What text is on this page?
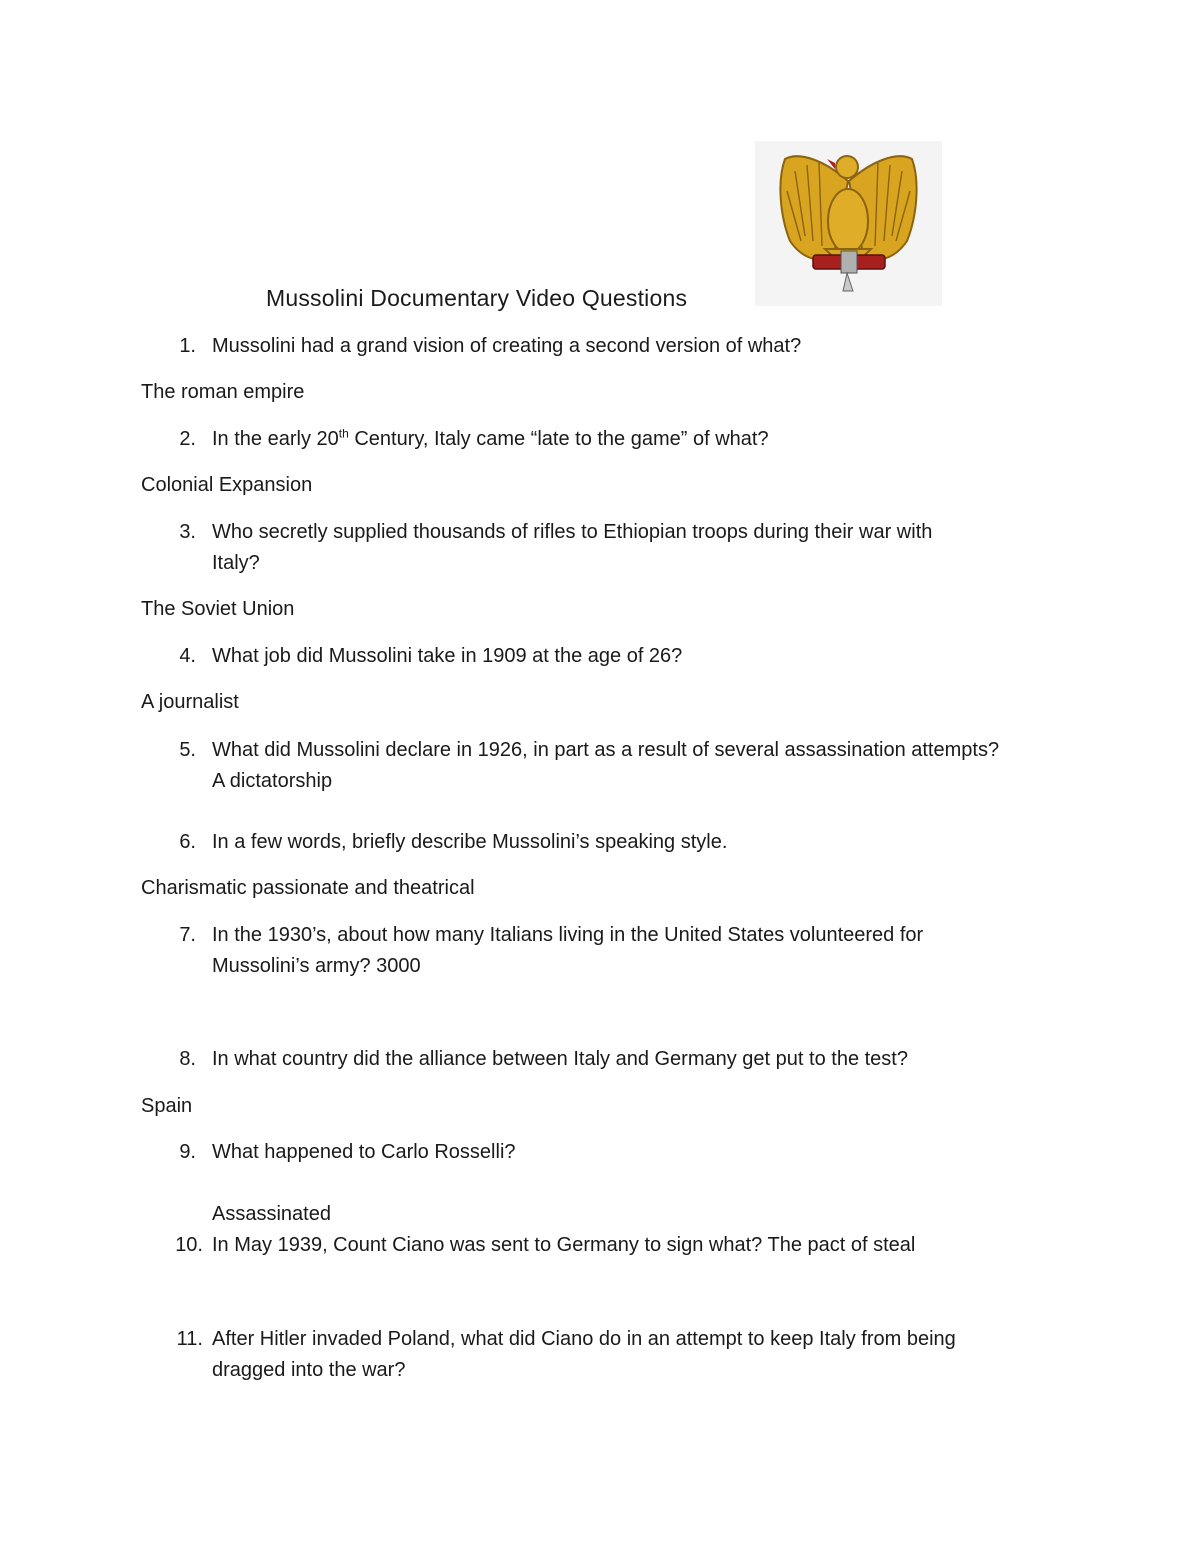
Mussolini Documentary Video Questions
1. Mussolini had a grand vision of creating a second version of what?
The roman empire
2. In the early 20th Century, Italy came “late to the game” of what?
Colonial Expansion
3. Who secretly supplied thousands of rifles to Ethiopian troops during their war with
Italy?
The Soviet Union
4. What job did Mussolini take in 1909 at the age of 26?
A journalist
5. What did Mussolini declare in 1926, in part as a result of several assassination attempts?
A dictatorship
6. In a few words, briefly describe Mussolini’s speaking style.
Charismatic passionate and theatrical
7. In the 1930’s, about how many Italians living in the United States volunteered for
Mussolini’s army? 3000
8. In what country did the alliance between Italy and Germany get put to the test?
Spain
9. What happened to Carlo Rosselli?
Assassinated
10. In May 1939, Count Ciano was sent to Germany to sign what? The pact of steal
11. After Hitler invaded Poland, what did Ciano do in an attempt to keep Italy from being
dragged into the war?
